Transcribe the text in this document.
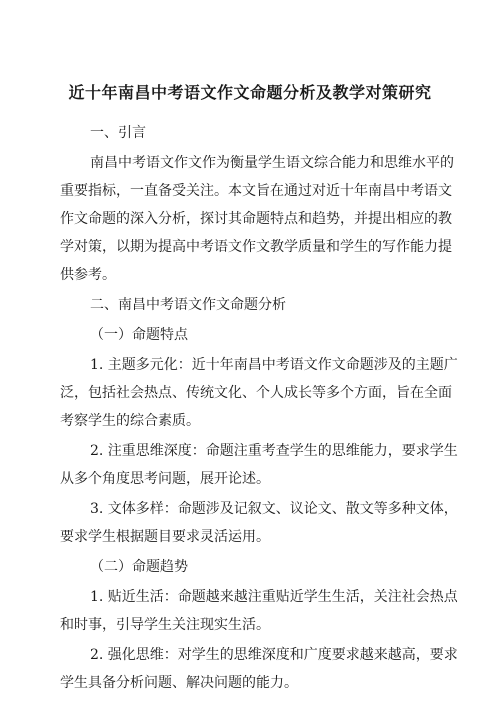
近十年南昌中考语文作文命题分析及教学对策研究

一、引言

南昌中考语文作文作为衡量学生语文综合能力和思维水平的

重要指标，一直备受关注。本文旨在通过对近十年南昌中考语文

作文命题的深入分析，探讨其命题特点和趋势，并提出相应的教

学对策，以期为提高中考语文作文教学质量和学生的写作能力提

供参考。

二、南昌中考语文作文命题分析

（一）命题特点

1. 主题多元化：近十年南昌中考语文作文命题涉及的主题广

泛，包括社会热点、传统文化、个人成长等多个方面，旨在全面

考察学生的综合素质。

2. 注重思维深度：命题注重考查学生的思维能力，要求学生

从多个角度思考问题，展开论述。

3. 文体多样：命题涉及记叙文、议论文、散文等多种文体，

要求学生根据题目要求灵活运用。

（二）命题趋势

1. 贴近生活：命题越来越注重贴近学生生活，关注社会热点

和时事，引导学生关注现实生活。

2. 强化思维：对学生的思维深度和广度要求越来越高，要求

学生具备分析问题、解决问题的能力。
